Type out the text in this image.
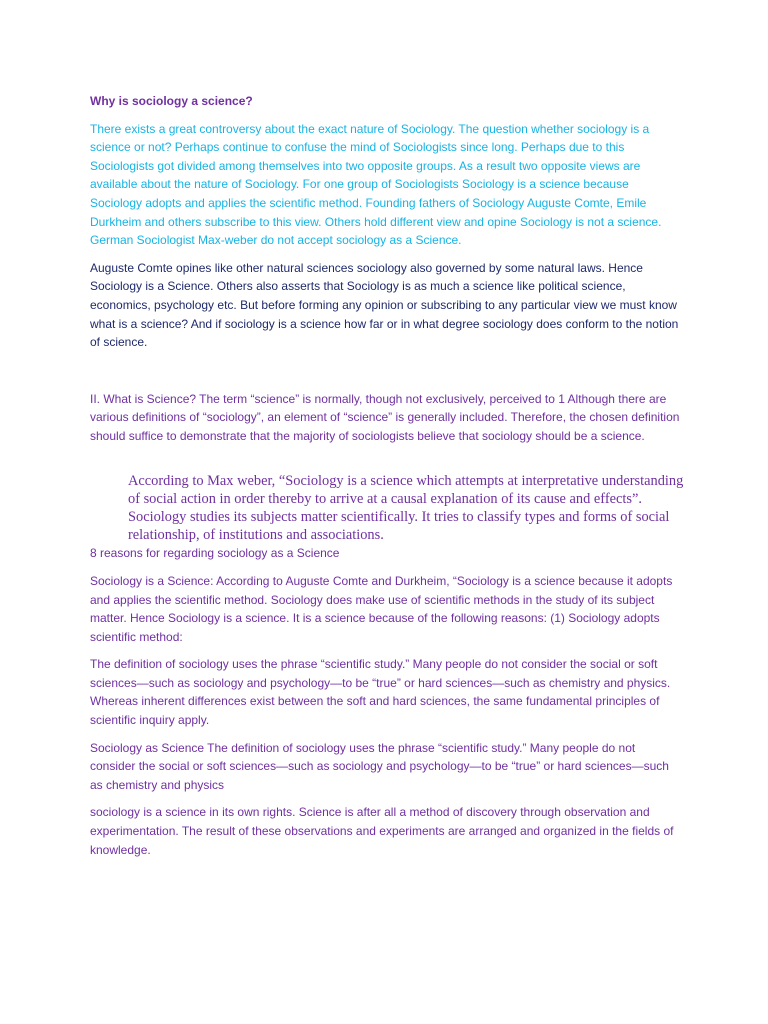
Why is sociology a science?
There exists a great controversy about the exact nature of Sociology. The question whether sociology is a science or not? Perhaps continue to confuse the mind of Sociologists since long. Perhaps due to this Sociologists got divided among themselves into two opposite groups. As a result two opposite views are available about the nature of Sociology. For one group of Sociologists Sociology is a science because Sociology adopts and applies the scientific method. Founding fathers of Sociology Auguste Comte, Emile Durkheim and others subscribe to this view. Others hold different view and opine Sociology is not a science. German Sociologist Max-weber do not accept sociology as a Science.
Auguste Comte opines like other natural sciences sociology also governed by some natural laws. Hence Sociology is a Science. Others also asserts that Sociology is as much a science like political science, economics, psychology etc. But before forming any opinion or subscribing to any particular view we must know what is a science? And if sociology is a science how far or in what degree sociology does conform to the notion of science.
II. What is Science? The term “science” is normally, though not exclusively, perceived to 1 Although there are various definitions of “sociology”, an element of “science” is generally included. Therefore, the chosen definition should suffice to demonstrate that the majority of sociologists believe that sociology should be a science.
According to Max weber, “Sociology is a science which attempts at interpretative understanding of social action in order thereby to arrive at a causal explanation of its cause and effects”. Sociology studies its subjects matter scientifically. It tries to classify types and forms of social relationship, of institutions and associations.
8 reasons for regarding sociology as a Science
Sociology is a Science: According to Auguste Comte and Durkheim, “Sociology is a science because it adopts and applies the scientific method. Sociology does make use of scientific methods in the study of its subject matter. Hence Sociology is a science. It is a science because of the following reasons: (1) Sociology adopts scientific method:
The definition of sociology uses the phrase “scientific study.” Many people do not consider the social or soft sciences—such as sociology and psychology—to be “true” or hard sciences—such as chemistry and physics. Whereas inherent differences exist between the soft and hard sciences, the same fundamental principles of scientific inquiry apply.
Sociology as Science The definition of sociology uses the phrase “scientific study.” Many people do not consider the social or soft sciences—such as sociology and psychology—to be “true” or hard sciences—such as chemistry and physics
sociology is a science in its own rights. Science is after all a method of discovery through observation and experimentation. The result of these observations and experiments are arranged and organized in the fields of knowledge.
